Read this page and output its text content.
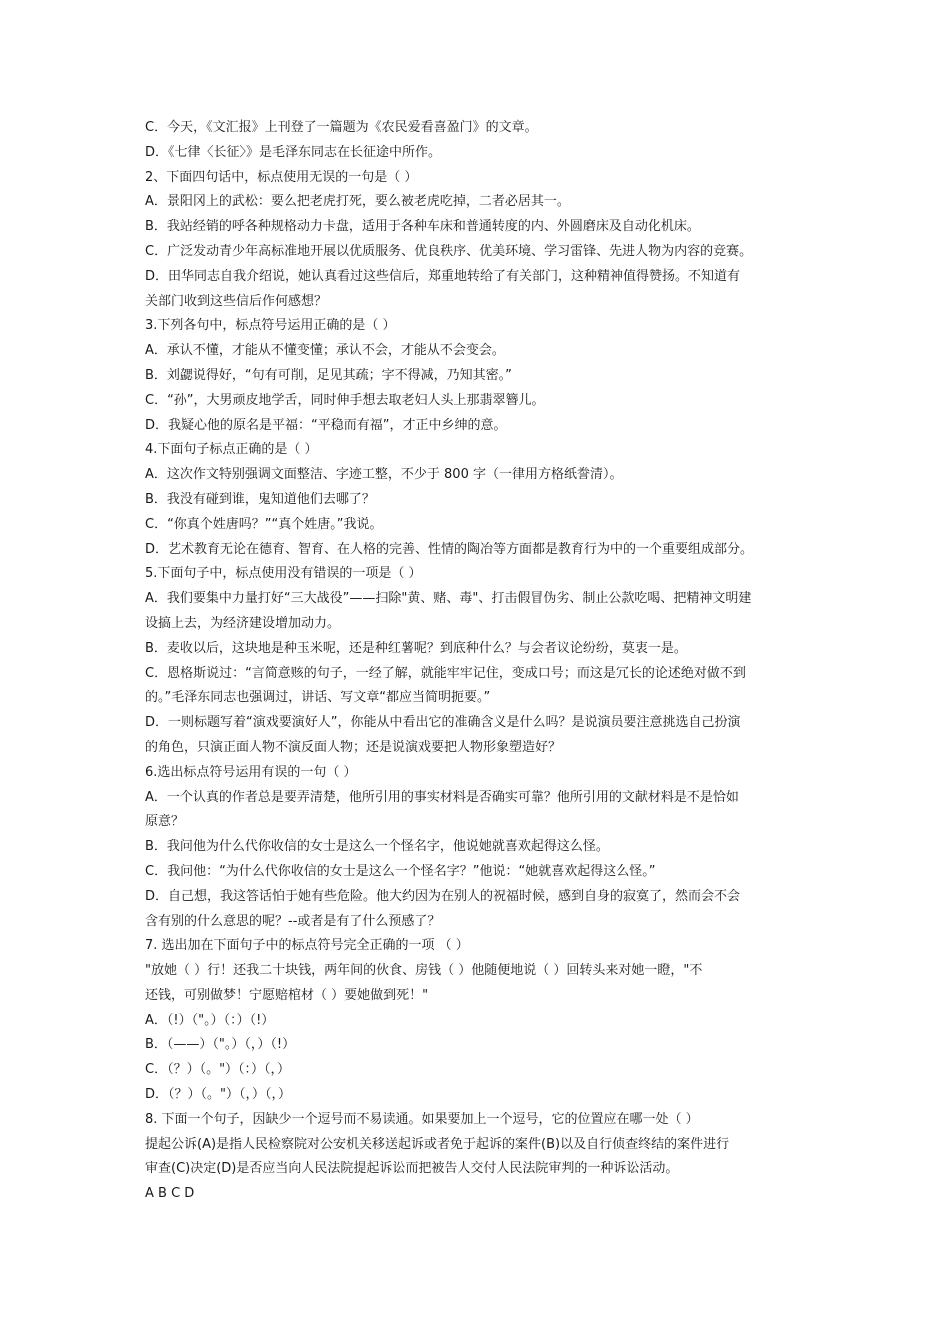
C．今天，《文汇报》上刊登了一篇题为《农民爱看喜盈门》的文章。
D．《七律〈长征〉》是毛泽东同志在长征途中所作。
2、下面四句话中，标点使用无误的一句是（ ）
A．景阳冈上的武松：要么把老虎打死，要么被老虎吃掉，二者必居其一。
B．我站经销的呼各种规格动力卡盘，适用于各种车床和普通转度的内、外圆磨床及自动化机床。
C．广泛发动青少年高标准地开展以优质服务、优良秩序、优美环境、学习雷锋、先进人物为内容的竞赛。
D．田华同志自我介绍说，她认真看过这些信后，郑重地转给了有关部门，这种精神值得赞扬。不知道有
关部门收到这些信后作何感想？
3.下列各句中，标点符号运用正确的是（ ）
A．承认不懂，才能从不懂变懂；承认不会，才能从不会变会。
B．刘勰说得好，“句有可削，足见其疏；字不得减，乃知其密。”
C．“孙”，大男顽皮地学舌，同时伸手想去取老妇人头上那翡翠簪儿。
D．我疑心他的原名是平福：“平稳而有福”，才正中乡绅的意。
4.下面句子标点正确的是（ ）
A．这次作文特别强调文面整洁、字迹工整，不少于 800 字（一律用方格纸誊清）。
B．我没有碰到谁，鬼知道他们去哪了？
C．“你真个姓唐吗？”“真个姓唐。”我说。
D．艺术教育无论在德育、智育、在人格的完善、性情的陶冶等方面都是教育行为中的一个重要组成部分。
5.下面句子中，标点使用没有错误的一项是（ ）
A．我们要集中力量打好“三大战役”——扫除"黄、赌、毒"、打击假冒伪劣、制止公款吃喝、把精神文明建
设搞上去，为经济建设增加动力。
B．麦收以后，这块地是种玉米呢，还是种红薯呢？到底种什么？与会者议论纷纷，莫衷一是。
C．恩格斯说过：“言简意赅的句子，一经了解，就能牢牢记住，变成口号；而这是冗长的论述绝对做不到
的。”毛泽东同志也强调过，讲话、写文章“都应当简明扼要。”
D．一则标题写着“演戏要演好人”，你能从中看出它的准确含义是什么吗？是说演员要注意挑选自己扮演
的角色，只演正面人物不演反面人物；还是说演戏要把人物形象塑造好？
6.选出标点符号运用有误的一句（ ）
A．一个认真的作者总是要弄清楚，他所引用的事实材料是否确实可靠？他所引用的文献材料是不是恰如
原意？
B．我问他为什么代你收信的女士是这么一个怪名字，他说她就喜欢起得这么怪。
C．我问他：“为什么代你收信的女士是这么一个怪名字？”他说：“她就喜欢起得这么怪。”
D．自己想，我这答话怕于她有些危险。他大约因为在别人的祝福时候，感到自身的寂寞了，然而会不会
含有别的什么意思的呢？--或者是有了什么预感了？
7. 选出加在下面句子中的标点符号完全正确的一项 （ ）
"放她（ ）行！还我二十块钱，两年间的伙食、房钱（ ）他随便地说（ ）回转头来对她一瞪，"不
还钱，可别做梦！宁愿赔棺材（ ）要她做到死！"
A．（!）（"。）（：）（!）
B．（——）（"。）（，）（!）
C．（？）（。"）（：）（，）
D．（？）（。"）（，）（，）
8. 下面一个句子，因缺少一个逗号而不易读通。如果要加上一个逗号，它的位置应在哪一处（ ）
提起公诉(A)是指人民检察院对公安机关移送起诉或者免于起诉的案件(B)以及自行侦查终结的案件进行
审查(C)决定(D)是否应当向人民法院提起诉讼而把被告人交付人民法院审判的一种诉讼活动。
A B C D
